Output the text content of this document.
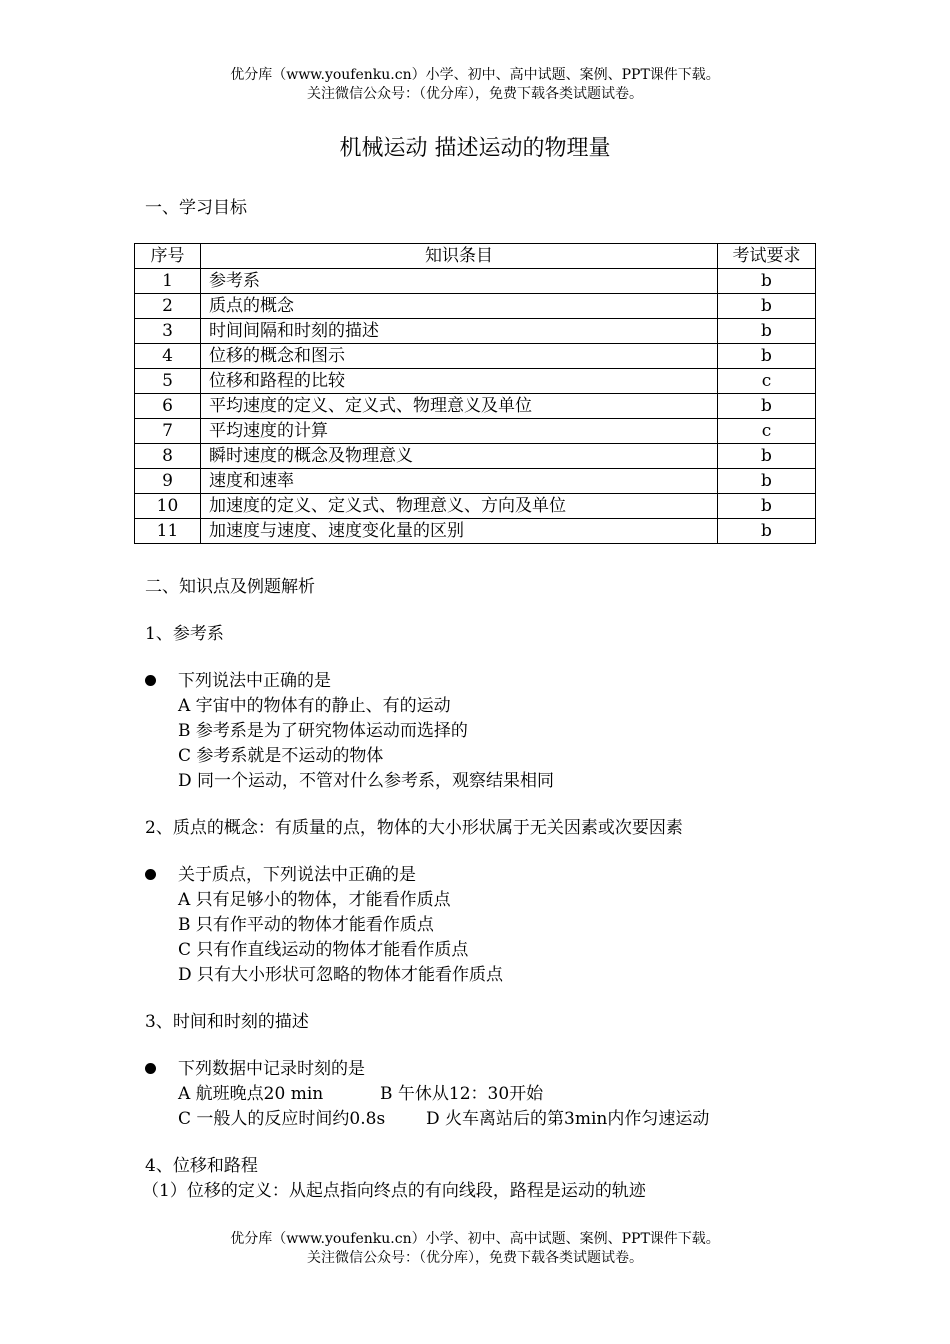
优分库（www.youfenku.cn）小学、初中、高中试题、案例、PPT课件下载。
关注微信公众号：（优分库），免费下载各类试题试卷。
机械运动 描述运动的物理量
一、学习目标
序号	知识条目	考试要求
1	参考系	b
2	质点的概念	b
3	时间间隔和时刻的描述	b
4	位移的概念和图示	b
5	位移和路程的比较	c
6	平均速度的定义、定义式、物理意义及单位	b
7	平均速度的计算	c
8	瞬时速度的概念及物理意义	b
9	速度和速率	b
10	加速度的定义、定义式、物理意义、方向及单位	b
11	加速度与速度、速度变化量的区别	b
二、知识点及例题解析
1、参考系
下列说法中正确的是
A 宇宙中的物体有的静止、有的运动
B 参考系是为了研究物体运动而选择的
C 参考系就是不运动的物体
D 同一个运动，不管对什么参考系，观察结果相同
2、质点的概念：有质量的点，物体的大小形状属于无关因素或次要因素
关于质点，下列说法中正确的是
A 只有足够小的物体，才能看作质点
B 只有作平动的物体才能看作质点
C 只有作直线运动的物体才能看作质点
D 只有大小形状可忽略的物体才能看作质点
3、时间和时刻的描述
下列数据中记录时刻的是
A 航班晚点20 min	B 午休从12：30开始
C 一般人的反应时间约0.8s D 火车离站后的第3min内作匀速运动
4、位移和路程
（1）位移的定义：从起点指向终点的有向线段，路程是运动的轨迹
优分库（www.youfenku.cn）小学、初中、高中试题、案例、PPT课件下载。
关注微信公众号：（优分库），免费下载各类试题试卷。
